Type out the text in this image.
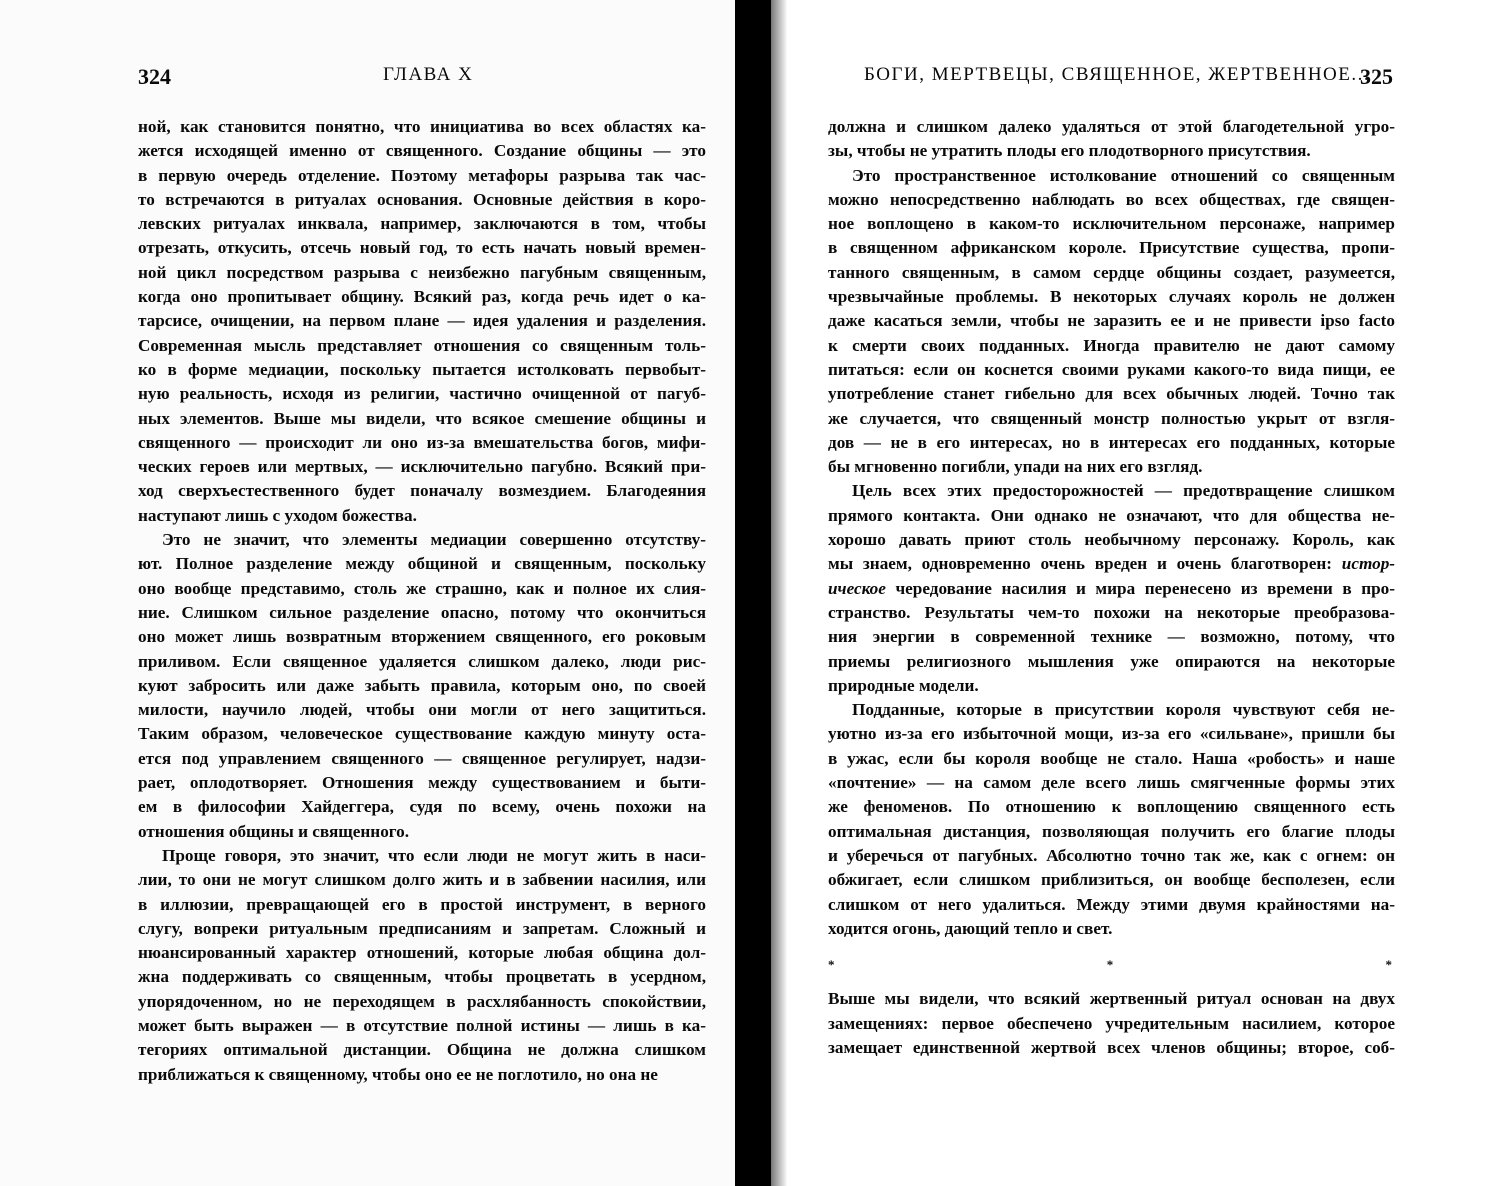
324	ГЛАВА X
ной, как становится понятно, что инициатива во всех областях ка-
жется исходящей именно от священного. Создание общины — это
в первую очередь отделение. Поэтому метафоры разрыва так час-
то встречаются в ритуалах основания. Основные действия в коро-
левских ритуалах инквала, например, заключаются в том, чтобы
отрезать, откусить, отсечь новый год, то есть начать новый времен-
ной цикл посредством разрыва с неизбежно пагубным священным,
когда оно пропитывает общину. Всякий раз, когда речь идет о ка-
тарсисе, очищении, на первом плане — идея удаления и разделения.
Современная мысль представляет отношения со священным толь-
ко в форме медиации, поскольку пытается истолковать первобыт-
ную реальность, исходя из религии, частично очищенной от пагуб-
ных элементов. Выше мы видели, что всякое смешение общины и
священного — происходит ли оно из-за вмешательства богов, мифи-
ческих героев или мертвых, — исключительно пагубно. Всякий при-
ход сверхъестественного будет поначалу возмездием. Благодеяния
наступают лишь с уходом божества.
Это не значит, что элементы медиации совершенно отсутству-
ют. Полное разделение между общиной и священным, поскольку
оно вообще представимо, столь же страшно, как и полное их слия-
ние. Слишком сильное разделение опасно, потому что окончиться
оно может лишь возвратным вторжением священного, его роковым
приливом. Если священное удаляется слишком далеко, люди рис-
куют забросить или даже забыть правила, которым оно, по своей
милости, научило людей, чтобы они могли от него защититься.
Таким образом, человеческое существование каждую минуту оста-
ется под управлением священного — священное регулирует, надзи-
рает, оплодотворяет. Отношения между существованием и быти-
ем в философии Хайдеггера, судя по всему, очень похожи на
отношения общины и священного.
Проще говоря, это значит, что если люди не могут жить в наси-
лии, то они не могут слишком долго жить и в забвении насилия, или
в иллюзии, превращающей его в простой инструмент, в верного
слугу, вопреки ритуальным предписаниям и запретам. Сложный и
нюансированный характер отношений, которые любая община дол-
жна поддерживать со священным, чтобы процветать в усердном,
упорядоченном, но не переходящем в расхлябанность спокойствии,
может быть выражен — в отсутствие полной истины — лишь в ка-
тегориях оптимальной дистанции. Община не должна слишком
приближаться к священному, чтобы оно ее не поглотило, но она не
БОГИ, МЕРТВЕЦЫ, СВЯЩЕННОЕ, ЖЕРТВЕННОЕ...
325
должна и слишком далеко удаляться от этой благодетельной угро-
зы, чтобы не утратить плоды его плодотворного присутствия.
Это пространственное истолкование отношений со священным
можно непосредственно наблюдать во всех обществах, где священ-
ное воплощено в каком-то исключительном персонаже, например
в священном африканском короле. Присутствие существа, пропи-
танного священным, в самом сердце общины создает, разумеется,
чрезвычайные проблемы. В некоторых случаях король не должен
даже касаться земли, чтобы не заразить ее и не привести ipso facto
к смерти своих подданных. Иногда правителю не дают самому
питаться: если он коснется своими руками какого-то вида пищи, ее
употребление станет гибельно для всех обычных людей. Точно так
же случается, что священный монстр полностью укрыт от взгля-
дов — не в его интересах, но в интересах его подданных, которые
бы мгновенно погибли, упади на них его взгляд.
Цель всех этих предосторожностей — предотвращение слишком
прямого контакта. Они однако не означают, что для общества не-
хорошо давать приют столь необычному персонажу. Король, как
мы знаем, одновременно очень вреден и очень благотворен: истор-
ическое чередование насилия и мира перенесено из времени в про-
странство. Результаты чем-то похожи на некоторые преобразова-
ния энергии в современной технике — возможно, потому, что
приемы религиозного мышления уже опираются на некоторые
природные модели.
Подданные, которые в присутствии короля чувствуют себя не-
уютно из-за его избыточной мощи, из-за его «сильване», пришли бы
в ужас, если бы короля вообще не стало. Наша «робость» и наше
«почтение» — на самом деле всего лишь смягченные формы этих
же феноменов. По отношению к воплощению священного есть
оптимальная дистанция, позволяющая получить его благие плоды
и уберечься от пагубных. Абсолютно точно так же, как с огнем: он
обжигает, если слишком приблизиться, он вообще бесполезен, если
слишком от него удалиться. Между этими двумя крайностями на-
ходится огонь, дающий тепло и свет.
* * *
Выше мы видели, что всякий жертвенный ритуал основан на двух
замещениях: первое обеспечено учредительным насилием, которое
замещает единственной жертвой всех членов общины; второе, соб-
